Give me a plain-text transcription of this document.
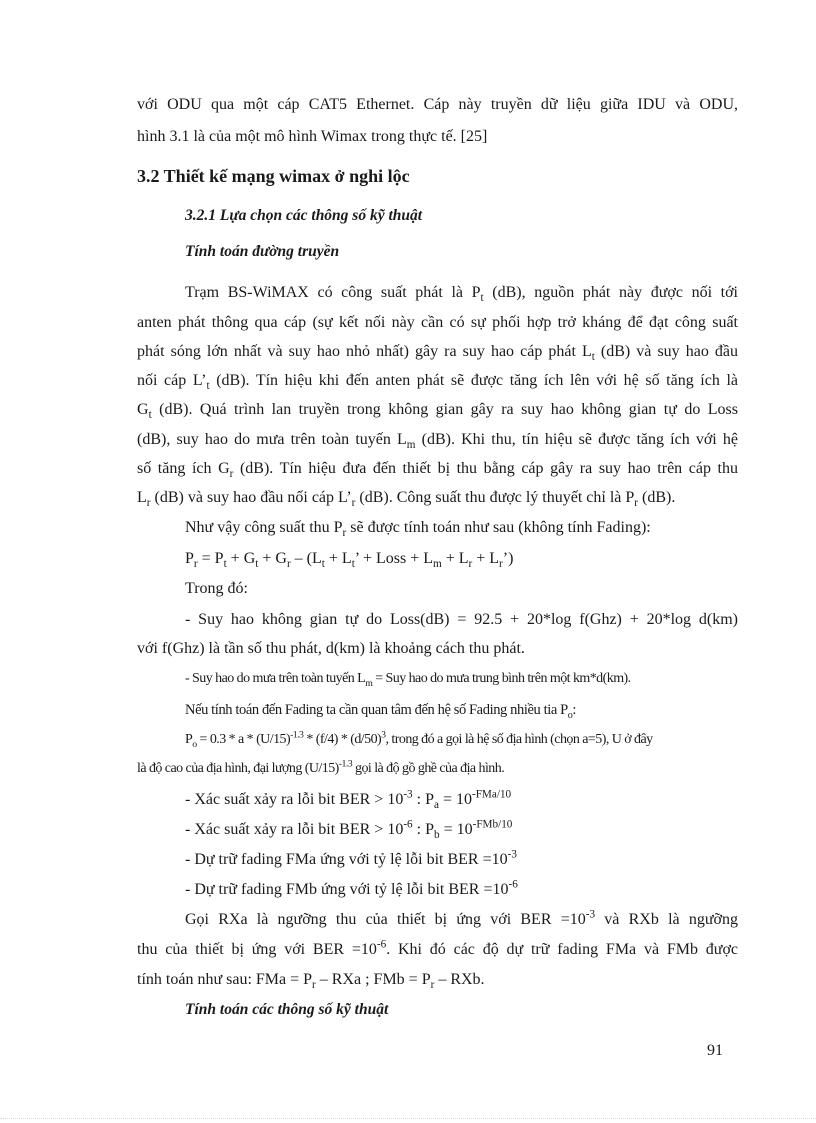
với ODU qua một cáp CAT5 Ethernet. Cáp này truyền dữ liệu giữa IDU và ODU,
hình 3.1 là của một mô hình Wimax trong thực tế. [25]
3.2 Thiết kế mạng wimax ở nghi lộc
3.2.1 Lựa chọn các thông số kỹ thuật
Tính toán đường truyền
Trạm BS-WiMAX có công suất phát là $P_t$ (dB), nguồn phát này được nối tới
anten phát thông qua cáp (sự kết nối này cần có sự phối hợp trở kháng để đạt công suất
phát sóng lớn nhất và suy hao nhỏ nhất) gây ra suy hao cáp phát $L_t$ (dB) và suy hao đầu
nối cáp $L’_t$ (dB). Tín hiệu khi đến anten phát sẽ được tăng ích lên với hệ số tăng ích là
$G_t$ (dB). Quá trình lan truyền trong không gian gây ra suy hao không gian tự do Loss
(dB), suy hao do mưa trên toàn tuyến $L_m$ (dB). Khi thu, tín hiệu sẽ được tăng ích với hệ
số tăng ích $G_r$ (dB). Tín hiệu đưa đến thiết bị thu bằng cáp gây ra suy hao trên cáp thu
$L_r$ (dB) và suy hao đầu nối cáp $L’_r$ (dB). Công suất thu được lý thuyết chỉ là $P_r$ (dB).
Như vậy công suất thu $P_r$ sẽ được tính toán như sau (không tính Fading):
$P_r = P_t + G_t + G_r - (L_t + L_t$’ + Loss + $L_m + L_r$ + $L_r$’)
Trong đó:
- Suy hao không gian tự do Loss(dB) = 92.5 + 20*log f(Ghz) + 20*log d(km)
với f(Ghz) là tần số thu phát, d(km) là khoảng cách thu phát.
- Suy hao do mưa trên toàn tuyến $L_m$ = Suy hao do mưa trung bình trên một km*d(km).
Nếu tính toán đến Fading ta cần quan tâm đến hệ số Fading nhiều tia $P_o$:
$P_o = 0.3 * a * (U/15)^{-1.3} * (f/4) * (d/50)^3$, trong đó a gọi là hệ số địa hình (chọn a=5), U ở đây
là độ cao của địa hình, đại lượng $(U/15)^{-1.3}$ gọi là độ gồ ghề của địa hình.
- Xác suất xảy ra lỗi bit BER > $10^{-3}$ : $P_a = 10^{-FMa/10}$
- Xác suất xảy ra lỗi bit BER > $10^{-6}$ : $P_b = 10^{-FMb/10}$
- Dự trữ fading FMa ứng với tỷ lệ lỗi bit BER $=10^{-3}$
- Dự trữ fading FMb ứng với tỷ lệ lỗi bit BER $=10^{-6}$
Gọi RXa là ngưỡng thu của thiết bị ứng với BER $=10^{-3}$ và RXb là ngưỡng
thu của thiết bị ứng với BER $=10^{-6}$. Khi đó các độ dự trữ fading FMa và FMb được
tính toán như sau: FMa = $P_r$ – RXa ; FMb = $P_r$ – RXb.
Tính toán các thông số kỹ thuật
91
